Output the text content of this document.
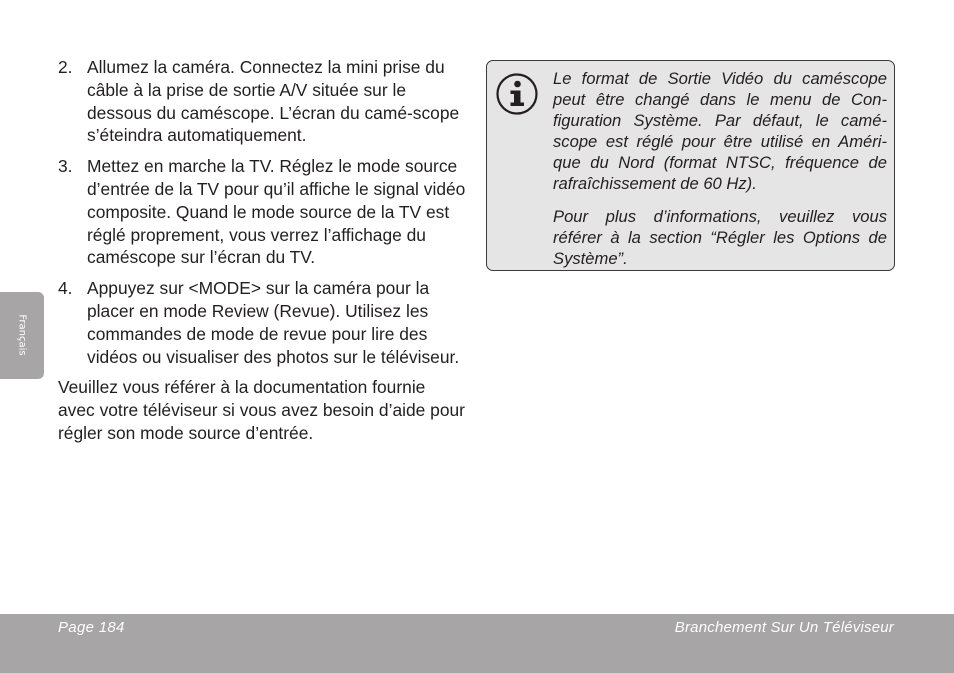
Français
2. Allumez la caméra. Connectez la mini prise du câble à la prise de sortie A/V située sur le dessous du caméscope. L’écran du camé-scope s’éteindra automatiquement.
3. Mettez en marche la TV. Réglez le mode source d’entrée de la TV pour qu’il affiche le signal vidéo composite. Quand le mode source de la TV est réglé proprement, vous verrez l’affichage du caméscope sur l’écran du TV.
4. Appuyez sur <MODE> sur la caméra pour la placer en mode Review (Revue). Utilisez les commandes de mode de revue pour lire des vidéos ou visualiser des photos sur le téléviseur.

Veuillez vous référer à la documentation fournie avec votre téléviseur si vous avez besoin d’aide pour régler son mode source d’entrée.

Le format de Sortie Vidéo du caméscope peut être changé dans le menu de Con-figuration Système. Par défaut, le camé-scope est réglé pour être utilisé en Améri-que du Nord (format NTSC, fréquence de rafraîchissement de 60 Hz).

Pour plus d’informations, veuillez vous référer à la section “Régler les Options de Système”.

Page 184	Branchement Sur Un Téléviseur
